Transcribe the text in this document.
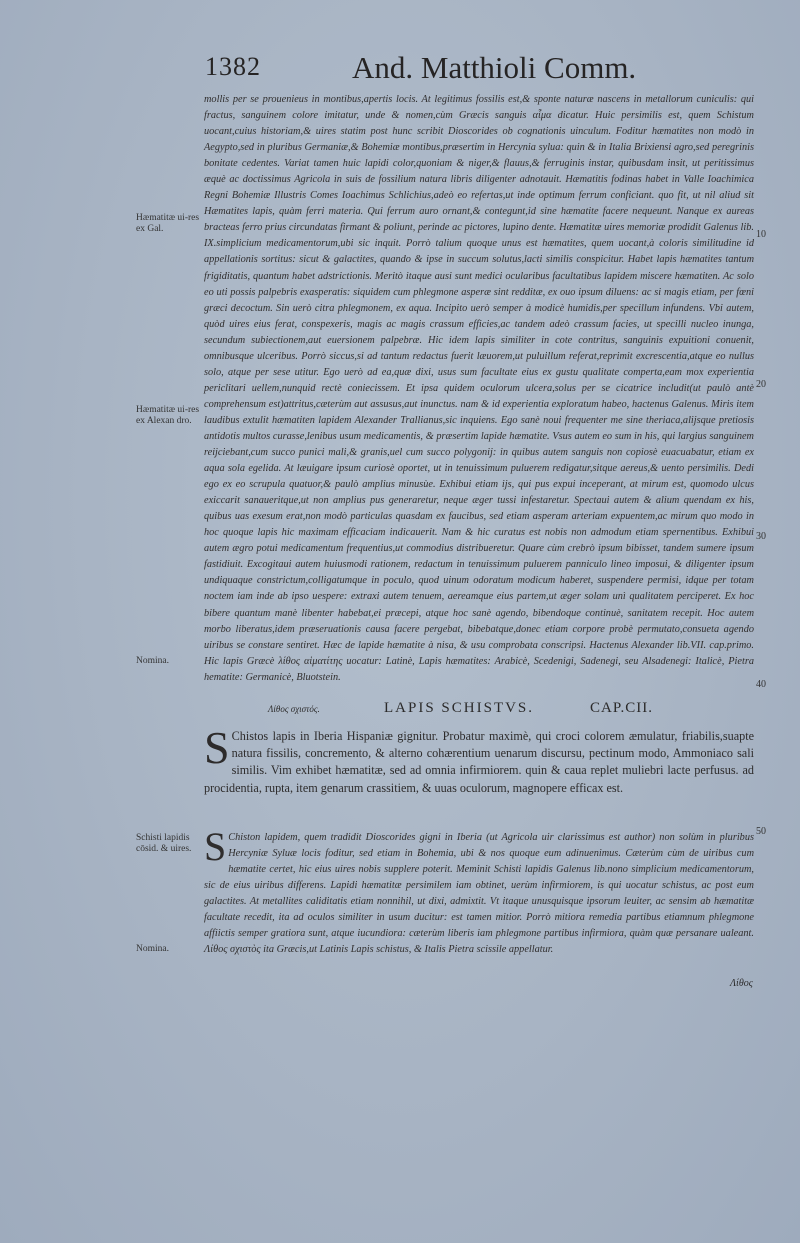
1382	And. Matthioli Comm.
Hæmatitæ ui-res ex Gal.
Hæmatitæ ui-res ex Alexan dro.
Nomina.
Schisti lapidis cōsid. & uires.
Nomina.
10
20
30
40
50

mollis per se prouenieus in montibus,apertis locis. At legitimus fossilis est,& sponte naturæ nascens in metallorum cuniculis: qui fractus, sanguinem colore imitatur, unde & nomen,cùm Græcis sanguis αἷμα dicatur. Huic persimilis est, quem Schistum uocant,cuius historiam,& uires statim post hunc scribit Dioscorides ob cognationis uinculum. Foditur hæmatites non modò in Aegypto,sed in pluribus Germaniæ,& Bohemiæ montibus,præsertim in Hercynia sylua: quin & in Italia Brixiensi agro,sed peregrinis bonitate cedentes. Variat tamen huic lapidi color,quoniam & niger,& flauus,& ferruginis instar, quibusdam insit, ut peritissimus æquè ac doctissimus Agricola in suis de fossilium natura libris diligenter adnotauit. Hæmatitis fodinas habet in Valle Ioachimica Regni Bohemiæ Illustris Comes Ioachimus Schlichius,adeò eo refertas,ut inde optimum ferrum conficiant. quo fit, ut nil aliud sit Hæmatites lapis, quàm ferri materia. Qui ferrum auro ornant,& contegunt,id sine hæmatite facere nequeunt. Nanque ex aureas bracteas ferro prius circundatas firmant & poliunt, perinde ac pictores, lupino dente. Hæmatitæ uires memoriæ prodidit Galenus lib. IX.simplicium medicamentorum,ubi sic inquit. Porrò talium quoque unus est hæmatites, quem uocant,à coloris similitudine id appellationis sortitus: sicut & galactites, quando & ipse in succum solutus,lacti similis conspicitur. Habet lapis hæmatites tantum frigiditatis, quantum habet adstrictionis. Meritò itaque ausi sunt medici ocularibus facultatibus lapidem miscere hæmatiten. Ac solo eo uti possis palpebris exasperatis: siquidem cum phlegmone asperæ sint redditæ, ex ouo ipsum diluens: ac si magis etiam, per fœni græci decoctum. Sin uerò citra phlegmonem, ex aqua. Incipito uerò semper à modicè humidis,per specillum infundens. Vbi autem, quòd uires eius ferat, conspexeris, magis ac magis crassum efficies,ac tandem adeò crassum facies, ut specilli nucleo inunga, secundum subiectionem,aut euersionem palpebræ. Hic idem lapis similiter in cote contritus, sanguinis expuitioni conuenit, omnibusque ulceribus. Porrò siccus,si ad tantum redactus fuerit læuorem,ut puluillum referat,reprimit excrescentia,atque eo nullus solo, atque per sese utitur. Ego uerò ad ea,quæ dixi, usus sum facultate eius ex gustu qualitate comperta,eam mox experientia periclitari uellem,nunquid rectè coniecissem. Et ipsa quidem oculorum ulcera,solus per se cicatrice includit(ut paulò antè comprehensum est)attritus,cæterùm aut assusus,aut inunctus. nam & id experientia exploratum habeo, hactenus Galenus. Miris item laudibus extulit hæmatiten lapidem Alexander Trallianus,sic inquiens. Ego sanè noui frequenter me sine theriaca,alijsque pretiosis antidotis multos curasse,lenibus usum medicamentis, & præsertim lapide hæmatite. Vsus autem eo sum in his, qui largius sanguinem reijciebant,cum succo punici mali,& granis,uel cum succo polygonij: in quibus autem sanguis non copiosè euacuabatur, etiam ex aqua sola egelida. At læuigare ipsum curiosè oportet, ut in tenuissimum puluerem redigatur,sitque aereus,& uento persimilis. Dedi ego ex eo scrupula quatuor,& paulò amplius minusùe. Exhibui etiam ijs, qui pus expui inceperant, at mirum est, quomodo ulcus exiccarit sanaueritque,ut non amplius pus generaretur, neque æger tussi infestaretur. Spectaui autem & alium quendam ex his, quibus uas exesum erat,non modò particulas quasdam ex faucibus, sed etiam asperam arteriam expuentem,ac mirum quo modo in hoc quoque lapis hic maximam efficaciam indicauerit. Nam & hic curatus est nobis non admodum etiam spernentibus. Exhibui autem ægro potui medicamentum frequentius,ut commodius distribueretur. Quare cùm crebrò ipsum bibisset, tandem sumere ipsum fastidiuit. Excogitaui autem huiusmodi rationem, redactum in tenuissimum puluerem panniculo lineo imposui, & diligenter ipsum undiquaque constrictum,colligatumque in poculo, quod uinum odoratum modicum haberet, suspendere permisi, idque per totam noctem iam inde ab ipso uespere: extraxi autem tenuem, aereamque eius partem,ut æger solam unì qualitatem perciperet. Ex hoc bibere quantum manè libenter habebat,ei præcepi, atque hoc sanè agendo, bibendoque continuè, sanitatem recepit. Hoc autem morbo liberatus,idem præseruationis causa facere pergebat, bibebatque,donec etiam corpore probè permutato,consueta agendo uiribus se constare sentiret. Hæc de lapide hæmatite à nisa, & usu comprobata conscripsi. Hactenus Alexander lib.VII. cap.primo. Hic lapis Græcè λίθος αἱματίτης uocatur: Latinè, Lapis hæmatites: Arabicè, Scedenigi, Sadenegi, seu Alsadenegi: Italicè, Pietra hematite: Germanicè, Bluotstein.

Λίθος σχιστός.	LAPIS SCHISTVS.	CAP.CII.
S Chistos lapis in Iberia Hispaniæ gignitur. Probatur maximè, qui croci colorem æmulatur, friabilis,suapte natura fissilis, concremento, & alterno cohærentium uenarum discursu, pectinum modo, Ammoniaco sali similis. Vim exhibet hæmatitæ, sed ad omnia infirmiorem. quin & caua replet muliebri lacte perfusus. ad procidentia, rupta, item genarum crassitiem, & uuas oculorum, magnopere efficax est.
S Chiston lapidem, quem tradidit Dioscorides gigni in Iberia (ut Agricola uir clarissimus est author) non solùm in pluribus Hercyniæ Syluæ locis foditur, sed etiam in Bohemia, ubi & nos quoque eum adinuenimus. Cæterùm cùm de uiribus cum hæmatite certet, hic eius uires nobis supplere poterit. Meminit Schisti lapidis Galenus lib.nono simplicium medicamentorum, sic de eius uiribus differens. Lapidi hæmatitæ persimilem iam obtinet, uerùm infirmiorem, is qui uocatur schistus, ac post eum galactites. At metallites caliditatis etiam nonnihil, ut dixi, admixtit. Vt itaque unusquisque ipsorum leuiter, ac sensim ab hæmatitæ facultate recedit, ita ad oculos similiter in usum ducitur: est tamen mitior. Porrò mitiora remedia partibus etiamnum phlegmone affiictis semper gratiora sunt, atque iucundiora: cæterùm liberis iam phlegmone partibus infirmiora, quàm quæ persanare ualeant. Λίθος σχιστὸς ita Græcis,ut Latinis Lapis schistus, & Italis Pietra scissile appellatur.
Λίθος
